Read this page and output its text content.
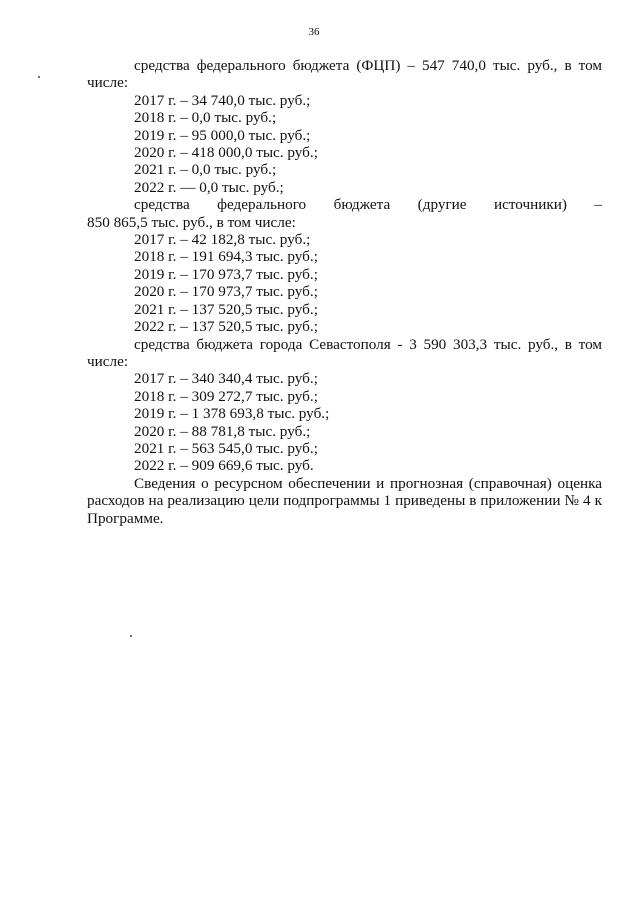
36

средства федерального бюджета (ФЦП) – 547 740,0 тыс. руб., в том

числе:

2017 г. – 34 740,0 тыс. руб.;

2018 г. – 0,0 тыс. руб.;

2019 г. – 95 000,0 тыс. руб.;

2020 г. – 418 000,0 тыс. руб.;

2021 г. – 0,0 тыс. руб.;

2022 г. — 0,0 тыс. руб.;

средства федерального бюджета (другие источники) –

850 865,5 тыс. руб., в том числе:

2017 г. – 42 182,8 тыс. руб.;

2018 г. – 191 694,3 тыс. руб.;

2019 г. – 170 973,7 тыс. руб.;

2020 г. – 170 973,7 тыс. руб.;

2021 г. – 137 520,5 тыс. руб.;

2022 г. – 137 520,5 тыс. руб.;

средства бюджета города Севастополя - 3 590 303,3 тыс. руб., в том

числе:

2017 г. – 340 340,4 тыс. руб.;

2018 г. – 309 272,7 тыс. руб.;

2019 г. – 1 378 693,8 тыс. руб.;

2020 г. – 88 781,8 тыс. руб.;

2021 г. – 563 545,0 тыс. руб.;

2022 г. – 909 669,6 тыс. руб.

Сведения о ресурсном обеспечении и прогнозная (справочная) оценка расходов на реализацию цели подпрограммы 1 приведены в приложении № 4 к Программе.
